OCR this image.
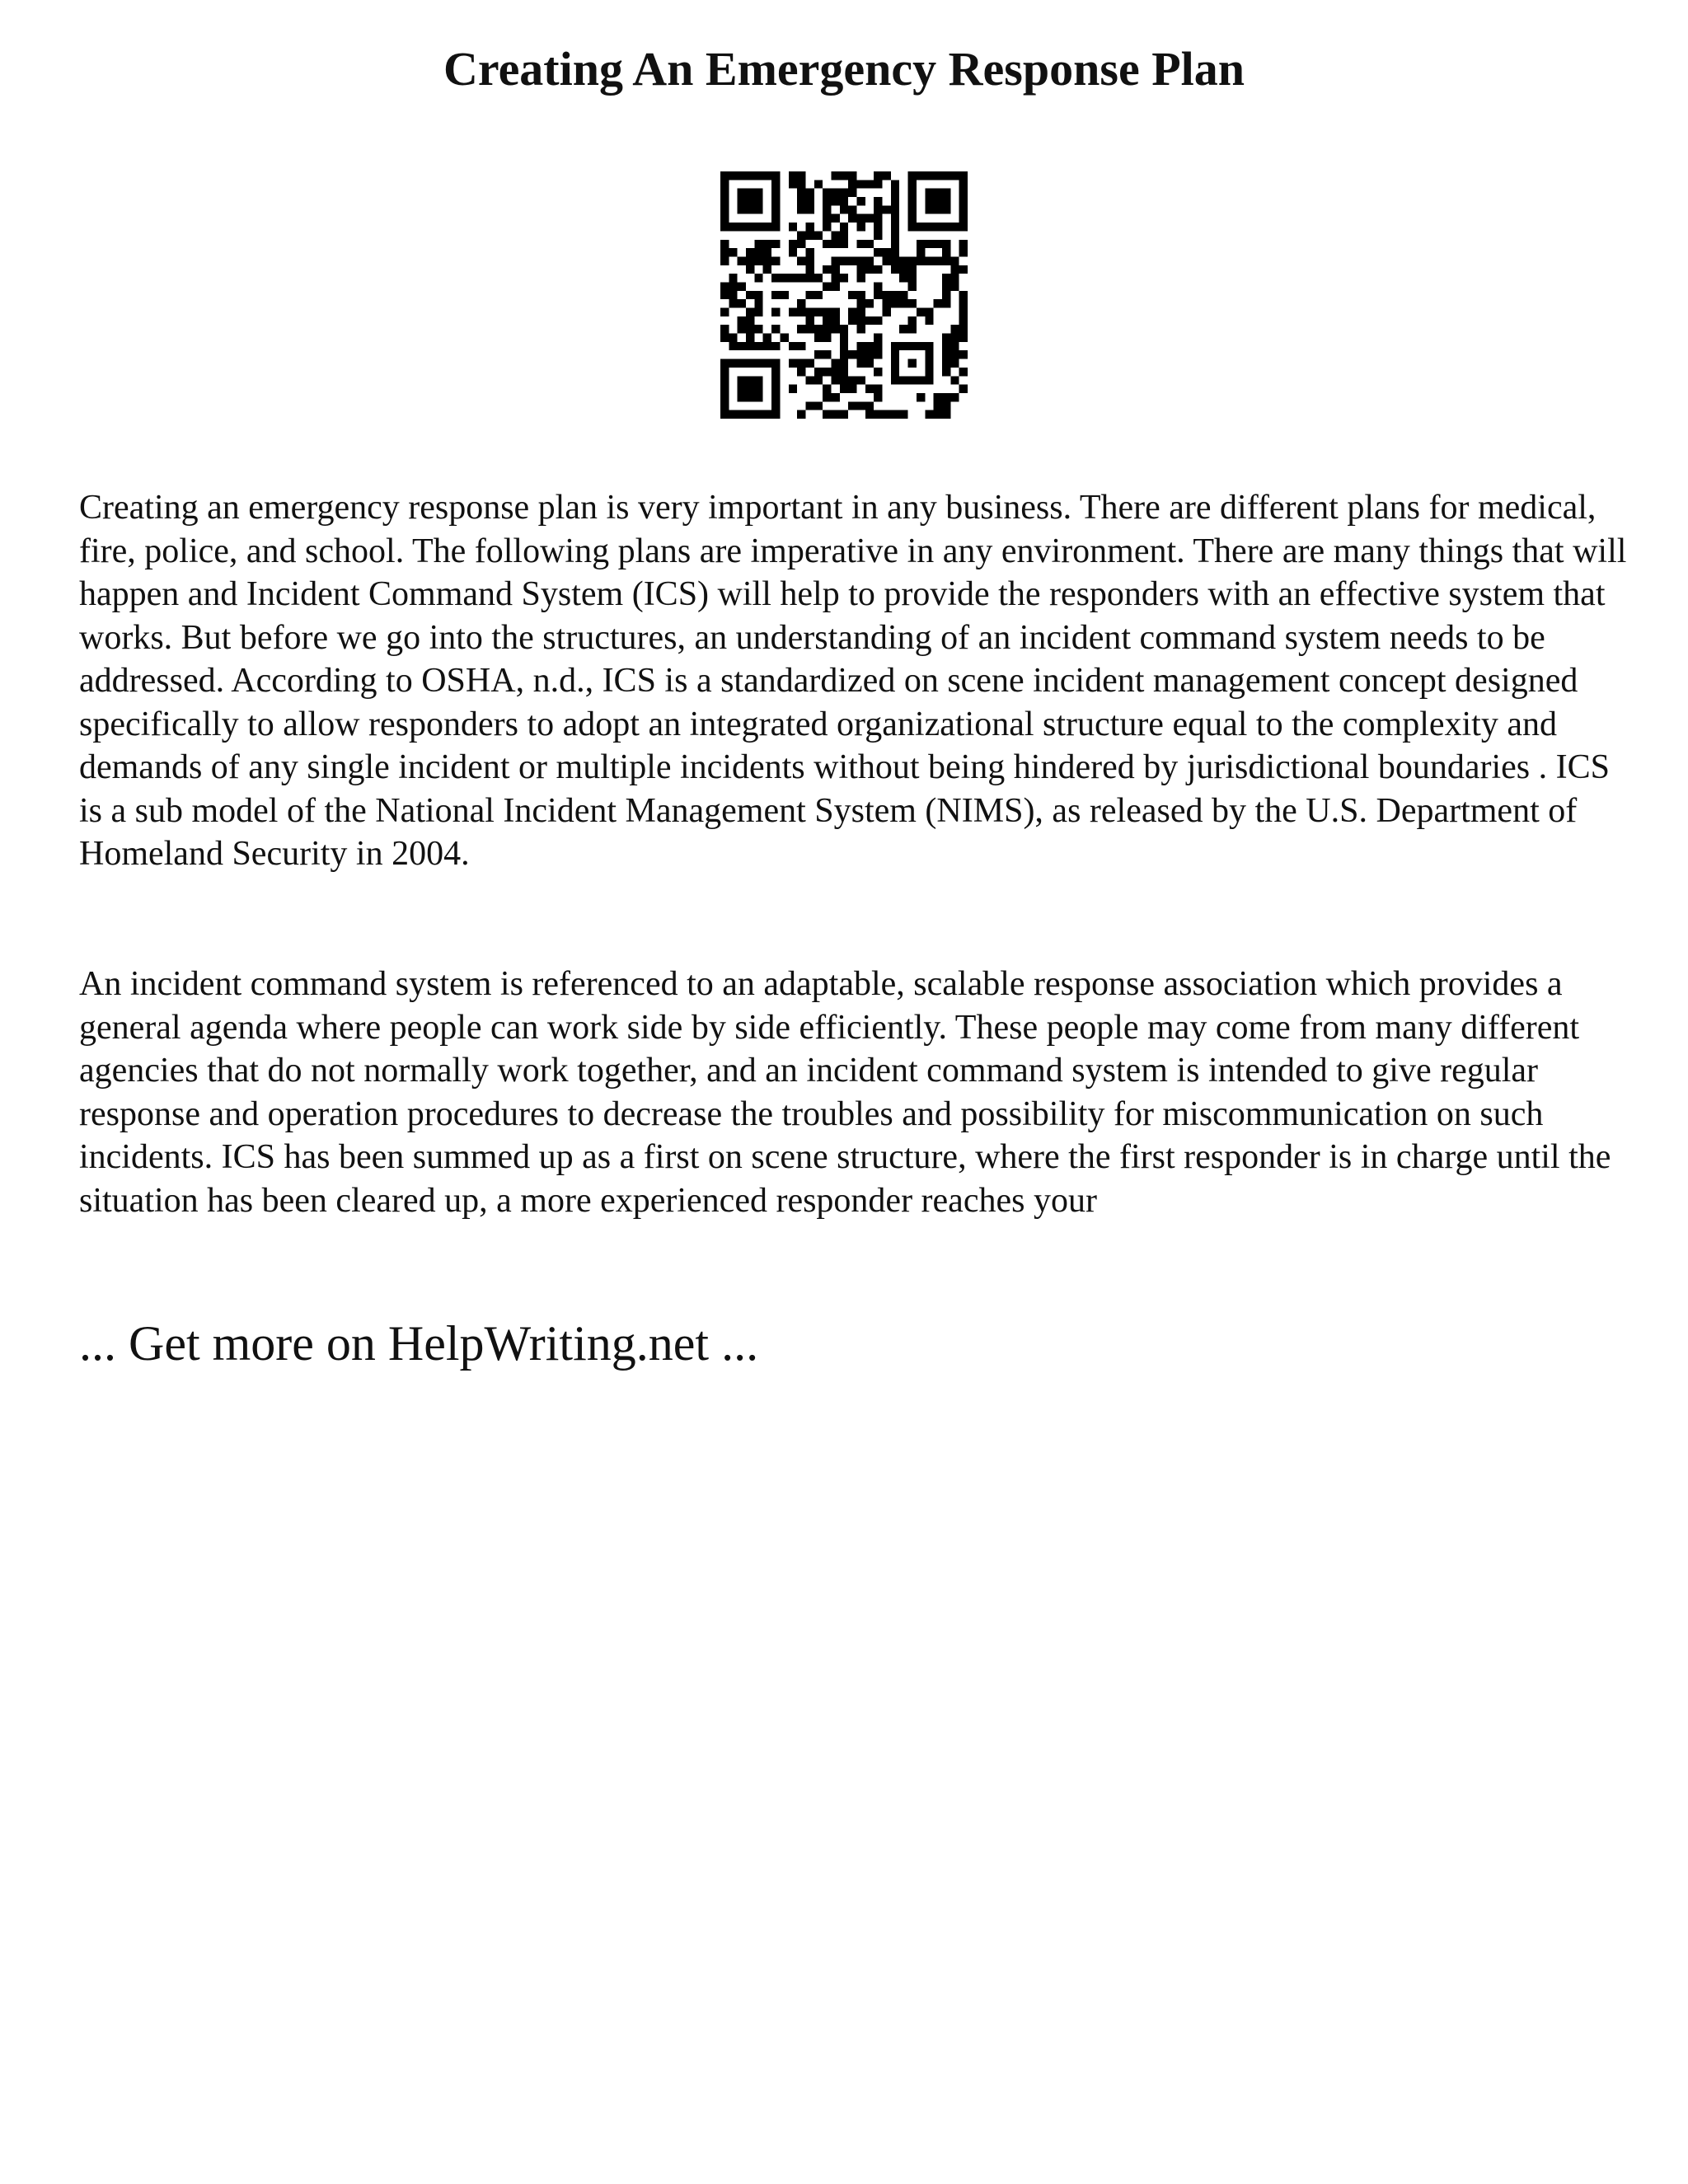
Creating An Emergency Response Plan

Creating an emergency response plan is very important in any business. There are different plans for medical, fire, police, and school. The following plans are imperative in any environment. There are many things that will happen and Incident Command System (ICS) will help to provide the responders with an effective system that works. But before we go into the structures, an understanding of an incident command system needs to be addressed. According to OSHA, n.d., ICS is a standardized on scene incident management concept designed specifically to allow responders to adopt an integrated organizational structure equal to the complexity and demands of any single incident or multiple incidents without being hindered by jurisdictional boundaries . ICS is a sub model of the National Incident Management System (NIMS), as released by the U.S. Department of Homeland Security in 2004.

An incident command system is referenced to an adaptable, scalable response association which provides a general agenda where people can work side by side efficiently. These people may come from many different agencies that do not normally work together, and an incident command system is intended to give regular response and operation procedures to decrease the troubles and possibility for miscommunication on such incidents. ICS has been summed up as a first on scene structure, where the first responder is in charge until the situation has been cleared up, a more experienced responder reaches your

... Get more on HelpWriting.net ...
